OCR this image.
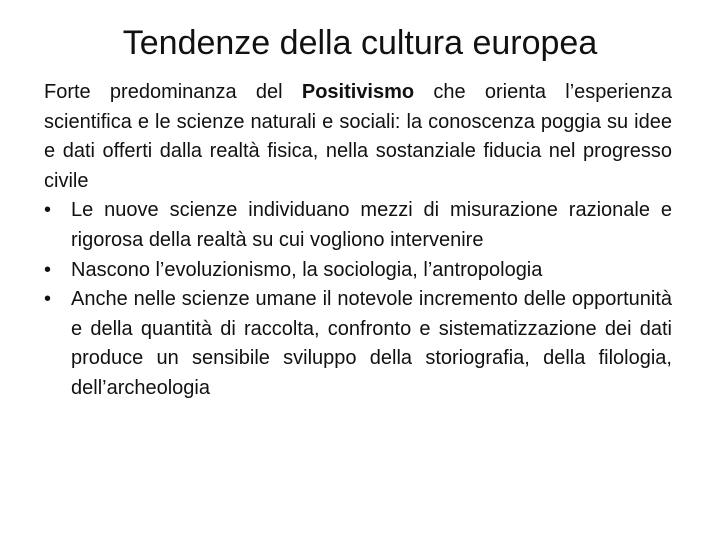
Tendenze della cultura europea

Forte predominanza del Positivismo che orienta l’esperienza scientifica e le scienze naturali e sociali: la conoscenza poggia su idee e dati offerti dalla realtà fisica, nella sostanziale fiducia nel progresso civile

• Le nuove scienze individuano mezzi di misurazione razionale e rigorosa della realtà su cui vogliono intervenire
• Nascono l’evoluzionismo, la sociologia, l’antropologia
• Anche nelle scienze umane il notevole incremento delle opportunità e della quantità di raccolta, confronto e sistematizzazione dei dati produce un sensibile sviluppo della storiografia, della filologia, dell’archeologia
